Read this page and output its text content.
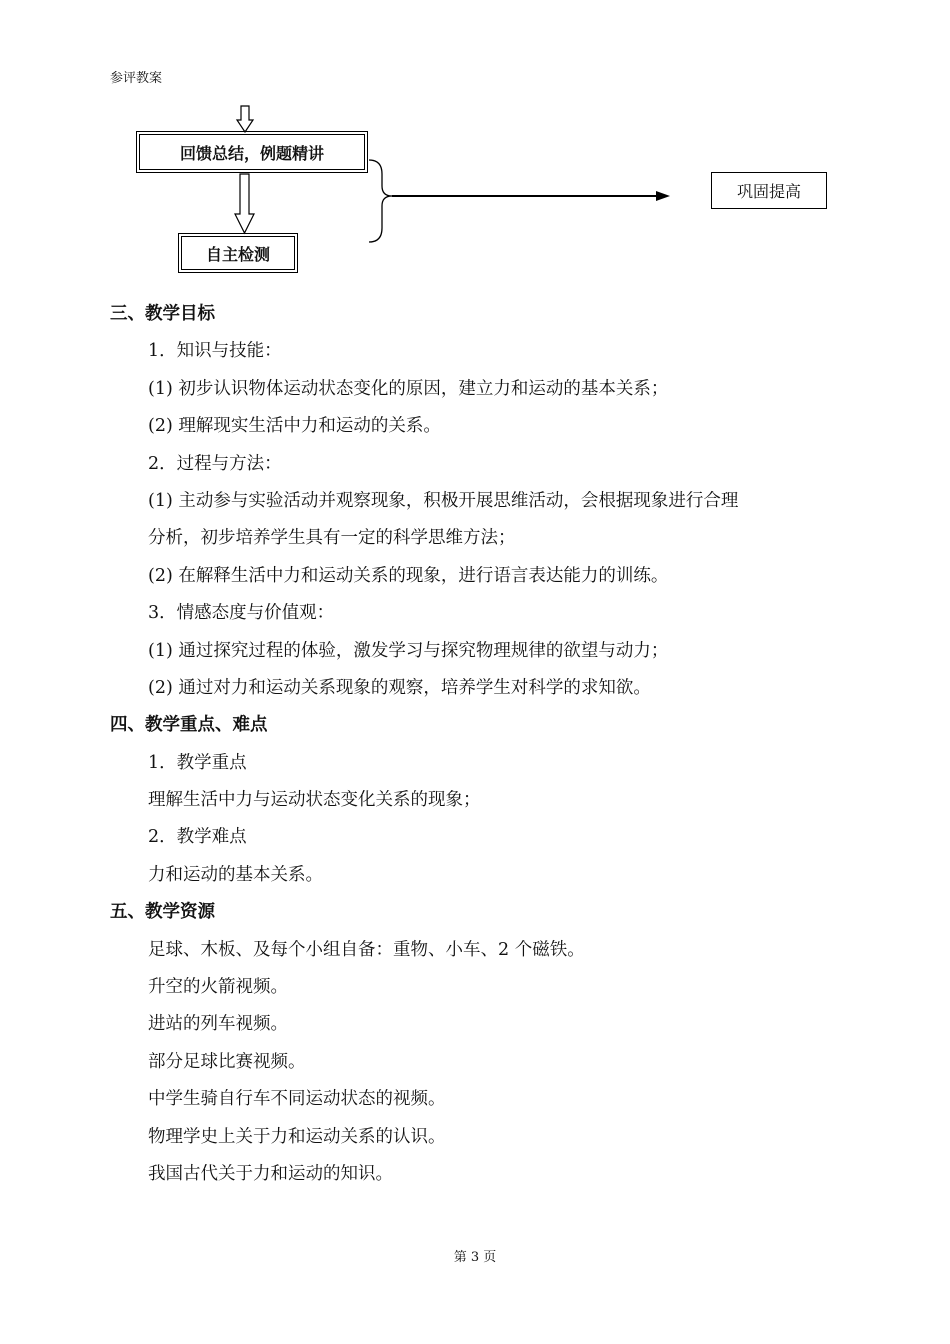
参评教案
回馈总结，例题精讲
自主检测
巩固提高
三、教学目标
1．知识与技能：
(1) 初步认识物体运动状态变化的原因，建立力和运动的基本关系；
(2) 理解现实生活中力和运动的关系。
2．过程与方法：
(1) 主动参与实验活动并观察现象，积极开展思维活动，会根据现象进行合理
分析，初步培养学生具有一定的科学思维方法；
(2) 在解释生活中力和运动关系的现象，进行语言表达能力的训练。
3．情感态度与价值观：
(1) 通过探究过程的体验，激发学习与探究物理规律的欲望与动力；
(2) 通过对力和运动关系现象的观察，培养学生对科学的求知欲。
四、教学重点、难点
1．教学重点
理解生活中力与运动状态变化关系的现象；
2．教学难点
力和运动的基本关系。
五、教学资源
足球、木板、及每个小组自备：重物、小车、2 个磁铁。
升空的火箭视频。
进站的列车视频。
部分足球比赛视频。
中学生骑自行车不同运动状态的视频。
物理学史上关于力和运动关系的认识。
我国古代关于力和运动的知识。
第 3 页
